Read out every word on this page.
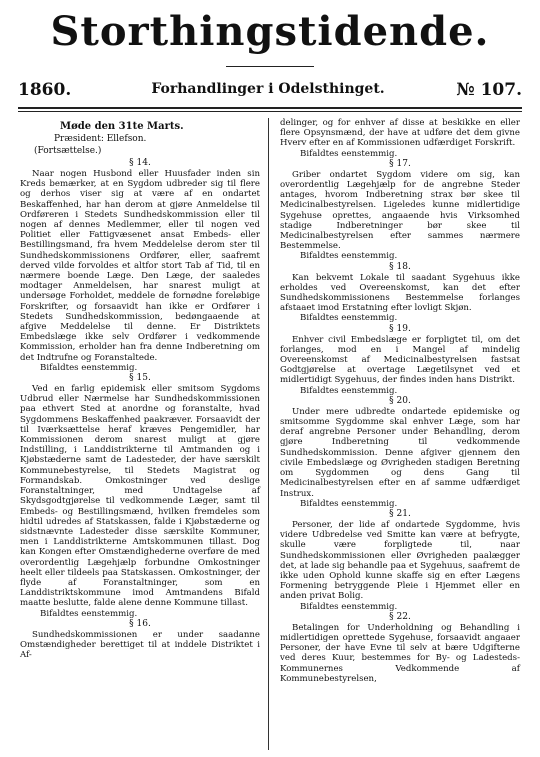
Storthingstidende.
1860.	Forhandlinger i Odelsthinget.	№ 107.

Møde den 31te Marts.

Præsident: Ellefson.

(Fortsættelse.)

§ 14.

Naar nogen Husbond eller Huusfader inden sin Kreds bemærker, at en Sygdom udbreder sig til flere og derhos viser sig at være af en ondartet Beskaffenhed, har han derom at gjøre Anmeldelse til Ordføreren i Stedets Sundhedskommission eller til nogen af dennes Medlemmer, eller til nogen ved Politiet eller Fattigvæsenet ansat Embeds- eller Bestillingsmand, fra hvem Meddelelse derom ster til Sundhedskommissionens Ordfører, eller, saafremt derved vilde forvoldes et altfor stort Tab af Tid, til en nærmere boende Læge. Den Læge, der saaledes modtager Anmeldelsen, har snarest muligt at undersøge Forholdet, meddele de fornødne foreløbige Forskrifter, og forsaavidt han ikke er Ordfører i Stedets Sundhedskommission, bedøngaaende at afgive Meddelelse til denne. Er Distriktets Embedslæge ikke selv Ordfører i vedkommende Kommission, erholder han fra denne Indberetning om det Indtrufne og Foranstaltede.

Bifaldtes eenstemmig.

§ 15.

Ved en farlig epidemisk eller smitsom Sygdoms Udbrud eller Nærmelse har Sundhedskommissionen paa ethvert Sted at anordne og foranstalte, hvad Sygdommens Beskaffenhed paakræver. Forsaavidt der til Iværksættelse heraf kræves Pengemidler, har Kommissionen derom snarest muligt at gjøre Indstilling, i Landdistrikterne til Amtmanden og i Kjøbstæderne samt de Ladesteder, der have særskilt Kommunebestyrelse, til Stedets Magistrat og Formandskab. Omkostninger ved deslige Foranstaltninger, med Undtagelse af Skydsgodtgjørelse til vedkommende Læger, samt til Embeds- og Bestillingsmænd, hvilken fremdeles som hidtil udredes af Statskassen, falde i Kjøbstæderne og sidstnævnte Ladesteder disse særskilte Kommuner, men i Landdistrikterne Amtskommunen tillast. Dog kan Kongen efter Omstændighederne overføre de med overordentlig Lægehjælp forbundne Omkostninger heelt eller tildeels paa Statskassen. Omkostninger, der flyde af Foranstaltninger, som en Landdistriktskommune imod Amtmandens Bifald maatte beslutte, falde alene denne Kommune tillast.

Bifaldtes eenstemmig.

§ 16.

Sundhedskommissionen er under saadanne Omstændigheder berettiget til at inddele Distriktet i Af-

delinger, og for enhver af disse at beskikke en eller flere Opsynsmænd, der have at udføre det dem givne Hverv efter en af Kommissionen udfærdiget Forskrift.

Bifaldtes eenstemmig.

§ 17.

Griber ondartet Sygdom videre om sig, kan overordentlig Lægehjælp for de angrebne Steder antages, hvorom Indberetning strax bør skee til Medicinalbestyrelsen. Ligeledes kunne midlertidige Sygehuse oprettes, angaaende hvis Virksomhed stadige Indberetninger bør skee til Medicinalbestyrelsen efter sammes nærmere Bestemmelse.

Bifaldtes eenstemmig.

§ 18.

Kan bekvemt Lokale til saadant Sygehuus ikke erholdes ved Overeenskomst, kan det efter Sundhedskommissionens Bestemmelse forlanges afstaaet imod Erstatning efter lovligt Skjøn.

Bifaldtes eenstemmig.

§ 19.

Enhver civil Embedslæge er forpligtet til, om det forlanges, mod en i Mangel af mindelig Overeenskomst af Medicinalbestyrelsen fastsat Godtgjørelse at overtage Lægetilsynet ved et midlertidigt Sygehuus, der findes inden hans Distrikt.

Bifaldtes eenstemmig.

§ 20.

Under mere udbredte ondartede epidemiske og smitsomme Sygdomme skal enhver Læge, som har deraf angrebne Personer under Behandling, derom gjøre Indberetning til vedkommende Sundhedskommission. Denne afgiver gjennem den civile Embedslæge og Øvrigheden stadigen Beretning om Sygdommen og dens Gang til Medicinalbestyrelsen efter en af samme udfærdiget Instrux.

Bifaldtes eenstemmig.

§ 21.

Personer, der lide af ondartede Sygdomme, hvis videre Udbredelse ved Smitte kan være at befrygte, skulle være forpligtede til, naar Sundhedskommissionen eller Øvrigheden paalægger det, at lade sig behandle paa et Sygehuus, saafremt de ikke uden Ophold kunne skaffe sig en efter Lægens Formening betryggende Pleie i Hjemmet eller en anden privat Bolig.

Bifaldtes eenstemmig.

§ 22.

Betalingen for Underholdning og Behandling i midlertidigen oprettede Sygehuse, forsaavidt angaaer Personer, der have Evne til selv at bære Udgifterne ved deres Kuur, bestemmes for By- og Ladesteds-Kommunernes Vedkommende af Kommunebestyrelsen,
